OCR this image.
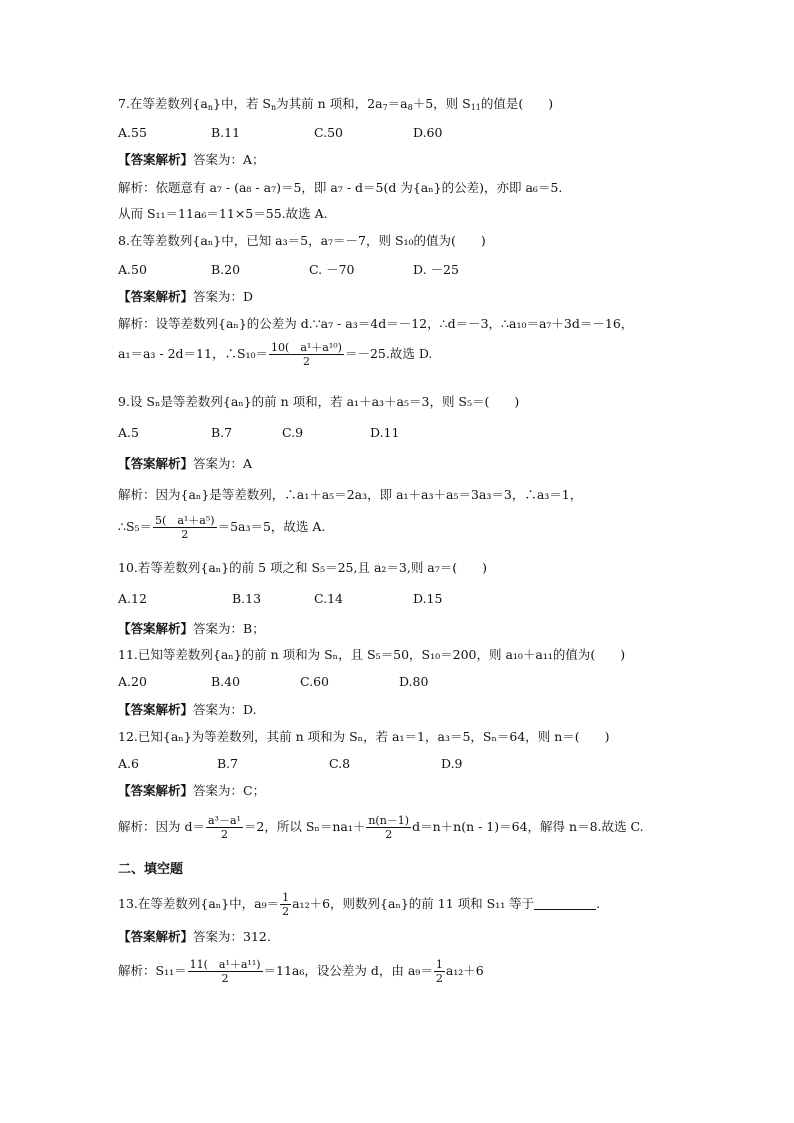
7.在等差数列$\{a_n\}$中，若 $S_n$为其前 n 项和，$2a_7=a_8+5$，则 $S_{11}$的值是(　　)
A.55	B.11	C.50	D.60
【答案解析】答案为：A；
解析：依题意有 a₇ - (a₈ - a₇)＝5，即 a₇ - d＝5(d 为{aₙ}的公差)，亦即 a₆＝5.
从而 S₁₁＝11a₆＝11×5＝55.故选 A.
8.在等差数列{aₙ}中，已知 a₃＝5，a₇＝－7，则 S₁₀的值为(　　)
A.50	B.20	C. －70	D. －25
【答案解析】答案为：D
解析：设等差数列{aₙ}的公差为 d.∵a₇ - a₃＝4d＝－12，∴d＝－3，∴a₁₀＝a₇＋3d＝－16，
a₁＝a₃ - 2d＝11，∴S₁₀＝ $\frac{\text{10(　a¹＋a¹⁰)}}{2} =-25$.故选 D.
9.设 Sₙ是等差数列{aₙ}的前 n 项和，若 a₁＋a₃＋a₅＝3，则 S₅＝(　　)
A.5	B.7	C.9	D.11
【答案解析】答案为：A
解析：因为{aₙ}是等差数列，∴a₁＋a₅＝2a₃，即 a₁＋a₃＋a₅＝3a₃＝3，∴a₃＝1，
∴S₅＝ $\frac{\text{5(　a¹＋a⁵)}}{2} =5a_3=5$，故选 A.
10.若等差数列{aₙ}的前 5 项之和 S₅＝25,且 a₂＝3,则 a₇＝(　　)
A.12	B.13	C.14	D.15
【答案解析】答案为：B；
11.已知等差数列{aₙ}的前 n 项和为 Sₙ，且 S₅＝50，S₁₀＝200，则 a₁₀＋a₁₁的值为(　　)
A.20	B.40	C.60	D.80
【答案解析】答案为：D.
12.已知{aₙ}为等差数列，其前 n 项和为 Sₙ，若 a₁＝1，a₃＝5，Sₙ＝64，则 n＝(　　)
A.6	B.7	C.8	D.9
【答案解析】答案为：C；
解析：因为 $d= \frac{\text{a³－a¹}}{2} =2$，所以 $S_n=na_1+ \frac{n(n-1)}{2} d=n+n(n - 1)=64$，解得 n＝8.故选 C.
二、填空题
13.在等差数列{aₙ}中，$a_9= \frac{1}{2} a_{12}+6$，则数列{aₙ}的前 11 项和 S₁₁ 等于	.
【答案解析】答案为：312.
解析：$S_{11}= \frac{\text{11(　a¹＋a¹¹)}}{2} =11a_6$，设公差为 d，由 $a_9= \frac{1}{2} a_{12}+6$
